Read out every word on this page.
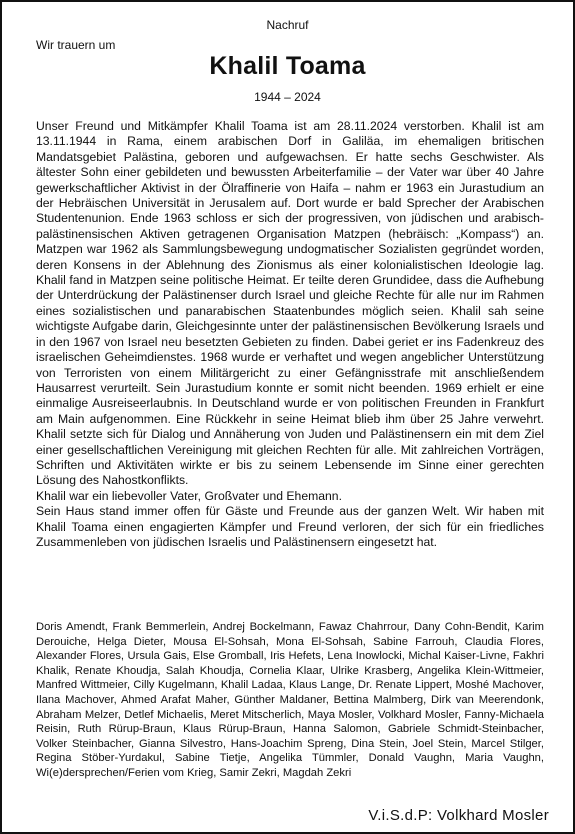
Nachruf
Wir trauern um
Khalil Toama
1944 – 2024

Unser Freund und Mitkämpfer Khalil Toama ist am 28.11.2024 verstorben. Khalil ist am 13.11.1944 in Rama, einem arabischen Dorf in Galiläa, im ehemaligen britischen Mandatsgebiet Palästina, geboren und aufgewachsen. Er hatte sechs Geschwister. Als ältester Sohn einer gebildeten und bewussten Arbeiterfamilie – der Vater war über 40 Jahre gewerkschaftlicher Aktivist in der Ölraffinerie von Haifa – nahm er 1963 ein Jurastudium an der Hebräischen Universität in Jerusalem auf. Dort wurde er bald Sprecher der Arabischen Studentenunion. Ende 1963 schloss er sich der progressiven, von jüdischen und arabisch-palästinensischen Aktiven getragenen Organisation Matzpen (hebräisch: „Kompass“) an. Matzpen war 1962 als Sammlungsbewegung undogmatischer Sozialisten gegründet worden, deren Konsens in der Ablehnung des Zionismus als einer kolonialistischen Ideologie lag. Khalil fand in Matzpen seine politische Heimat. Er teilte deren Grundidee, dass die Aufhebung der Unterdrückung der Palästinenser durch Israel und gleiche Rechte für alle nur im Rahmen eines sozialistischen und panarabischen Staatenbundes möglich seien. Khalil sah seine wichtigste Aufgabe darin, Gleichgesinnte unter der palästinensischen Bevölkerung Israels und in den 1967 von Israel neu besetzten Gebieten zu finden. Dabei geriet er ins Fadenkreuz des israelischen Geheimdienstes. 1968 wurde er verhaftet und wegen angeblicher Unterstützung von Terroristen von einem Militärgericht zu einer Gefängnisstrafe mit anschließendem Hausarrest verurteilt. Sein Jurastudium konnte er somit nicht beenden. 1969 erhielt er eine einmalige Ausreiseerlaubnis. In Deutschland wurde er von politischen Freunden in Frankfurt am Main aufgenommen. Eine Rückkehr in seine Heimat blieb ihm über 25 Jahre verwehrt. Khalil setzte sich für Dialog und Annäherung von Juden und Palästinensern ein mit dem Ziel einer gesellschaftlichen Vereinigung mit gleichen Rechten für alle. Mit zahlreichen Vorträgen, Schriften und Aktivitäten wirkte er bis zu seinem Lebensende im Sinne einer gerechten Lösung des Nahostkonflikts.

Khalil war ein liebevoller Vater, Großvater und Ehemann.

Sein Haus stand immer offen für Gäste und Freunde aus der ganzen Welt. Wir haben mit Khalil Toama einen engagierten Kämpfer und Freund verloren, der sich für ein friedliches Zusammenleben von jüdischen Israelis und Palästinensern eingesetzt hat.

Doris Amendt, Frank Bemmerlein, Andrej Bockelmann, Fawaz Chahrrour, Dany Cohn-Bendit, Karim Derouiche, Helga Dieter, Mousa El-Sohsah, Mona El-Sohsah, Sabine Farrouh, Claudia Flores, Alexander Flores, Ursula Gais, Else Gromball, Iris Hefets, Lena Inowlocki, Michal Kaiser-Livne, Fakhri Khalik, Renate Khoudja, Salah Khoudja, Cornelia Klaar, Ulrike Krasberg, Angelika Klein-Wittmeier, Manfred Wittmeier, Cilly Kugelmann, Khalil Ladaa, Klaus Lange, Dr. Renate Lippert, Moshé Machover, Ilana Machover, Ahmed Arafat Maher, Günther Maldaner, Bettina Malmberg, Dirk van Meerendonk, Abraham Melzer, Detlef Michaelis, Meret Mitscherlich, Maya Mosler, Volkhard Mosler, Fanny-Michaela Reisin, Ruth Rürup-Braun, Klaus Rürup-Braun, Hanna Salomon, Gabriele Schmidt-Steinbacher, Volker Steinbacher, Gianna Silvestro, Hans-Joachim Spreng, Dina Stein, Joel Stein, Marcel Stilger, Regina Stöber-Yurdakul, Sabine Tietje, Angelika Tümmler, Donald Vaughn, Maria Vaughn, Wi(e)dersprechen/Ferien vom Krieg, Samir Zekri, Magdah Zekri
V.i.S.d.P: Volkhard Mosler
